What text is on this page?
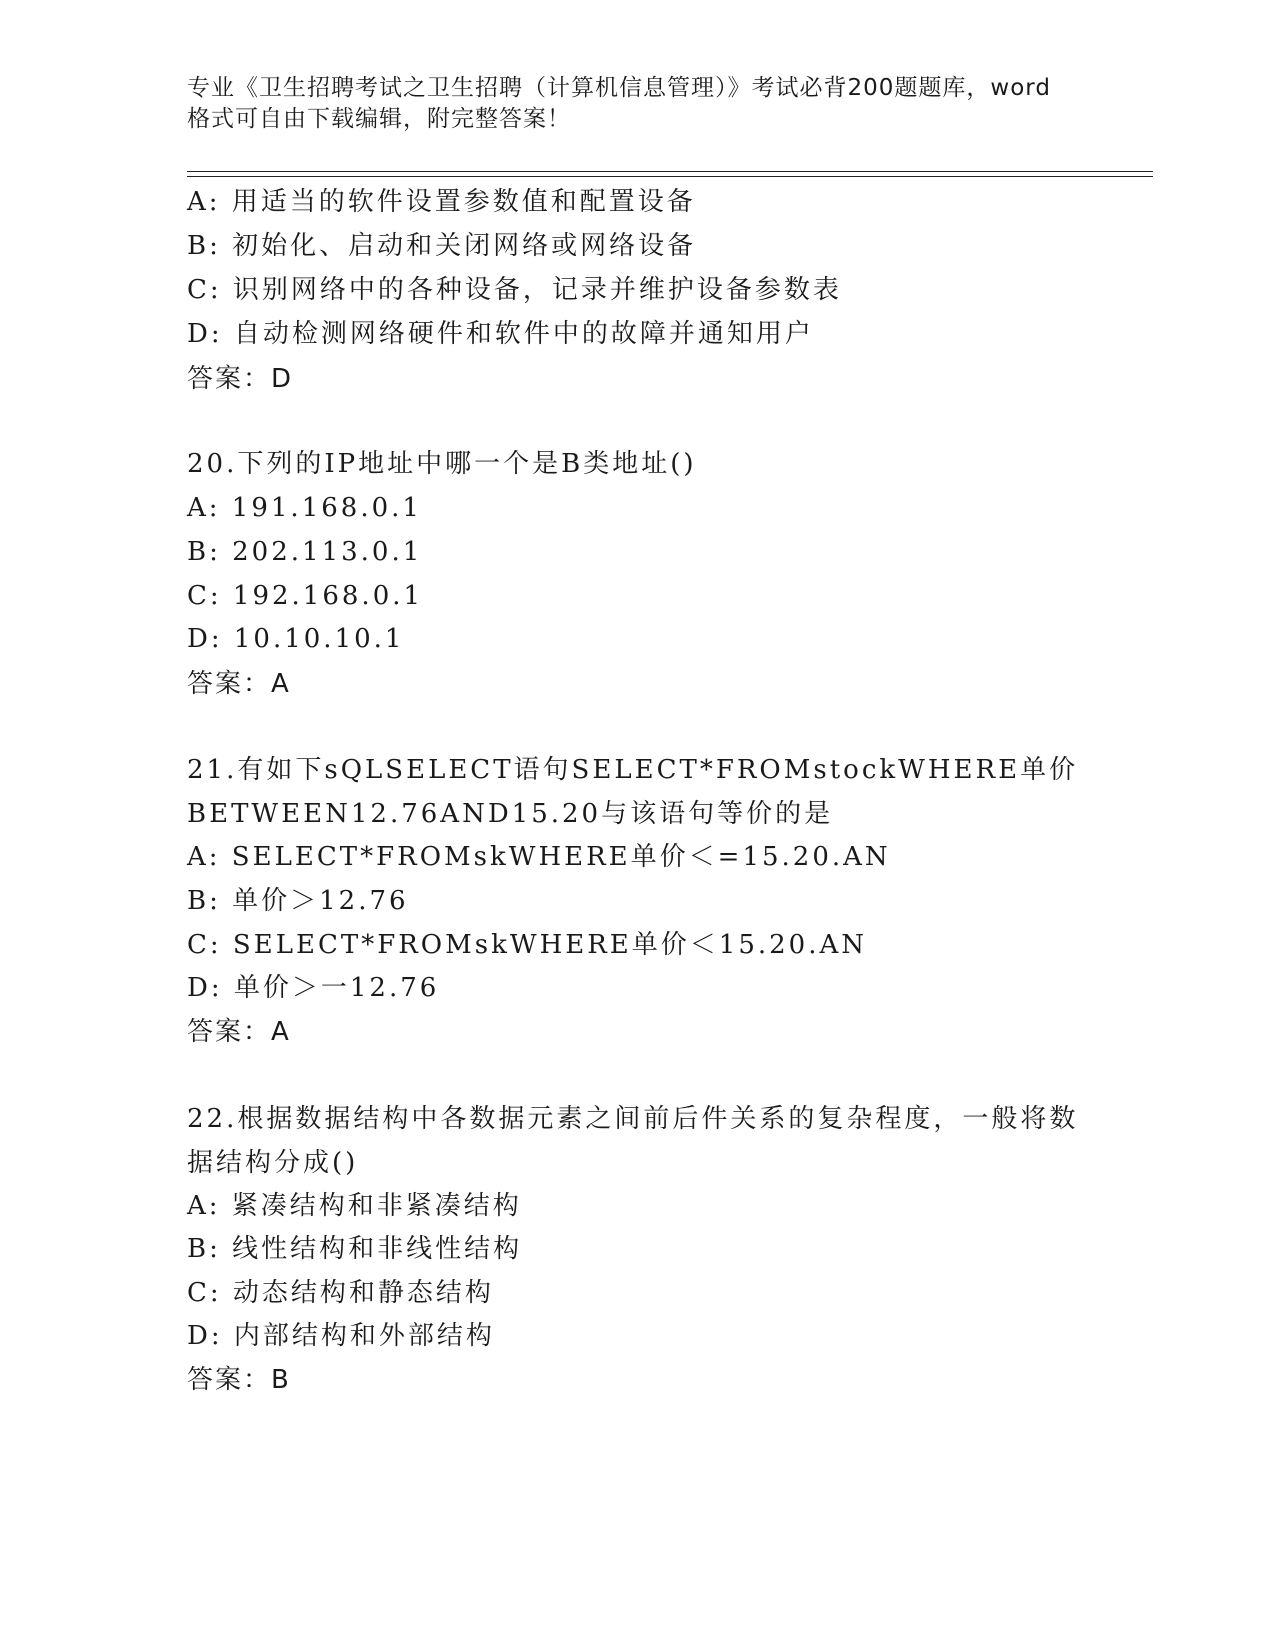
专业《卫生招聘考试之卫生招聘（计算机信息管理）》考试必背200题题库，word
格式可自由下载编辑，附完整答案！
A: 用适当的软件设置参数值和配置设备
B: 初始化、启动和关闭网络或网络设备
C: 识别网络中的各种设备，记录并维护设备参数表
D: 自动检测网络硬件和软件中的故障并通知用户
答案：D
20.下列的IP地址中哪一个是B类地址()
A: 191.168.0.1
B: 202.113.0.1
C: 192.168.0.1
D: 10.10.10.1
答案：A
21.有如下sQLSELECT语句SELECT*FROMstockWHERE单价
BETWEEN12.76AND15.20与该语句等价的是
A: SELECT*FROMskWHERE单价＜=15.20.AN
B: 单价＞12.76
C: SELECT*FROMskWHERE单价＜15.20.AN
D: 单价＞一12.76
答案：A
22.根据数据结构中各数据元素之间前后件关系的复杂程度，一般将数
据结构分成()
A: 紧凑结构和非紧凑结构
B: 线性结构和非线性结构
C: 动态结构和静态结构
D: 内部结构和外部结构
答案：B
